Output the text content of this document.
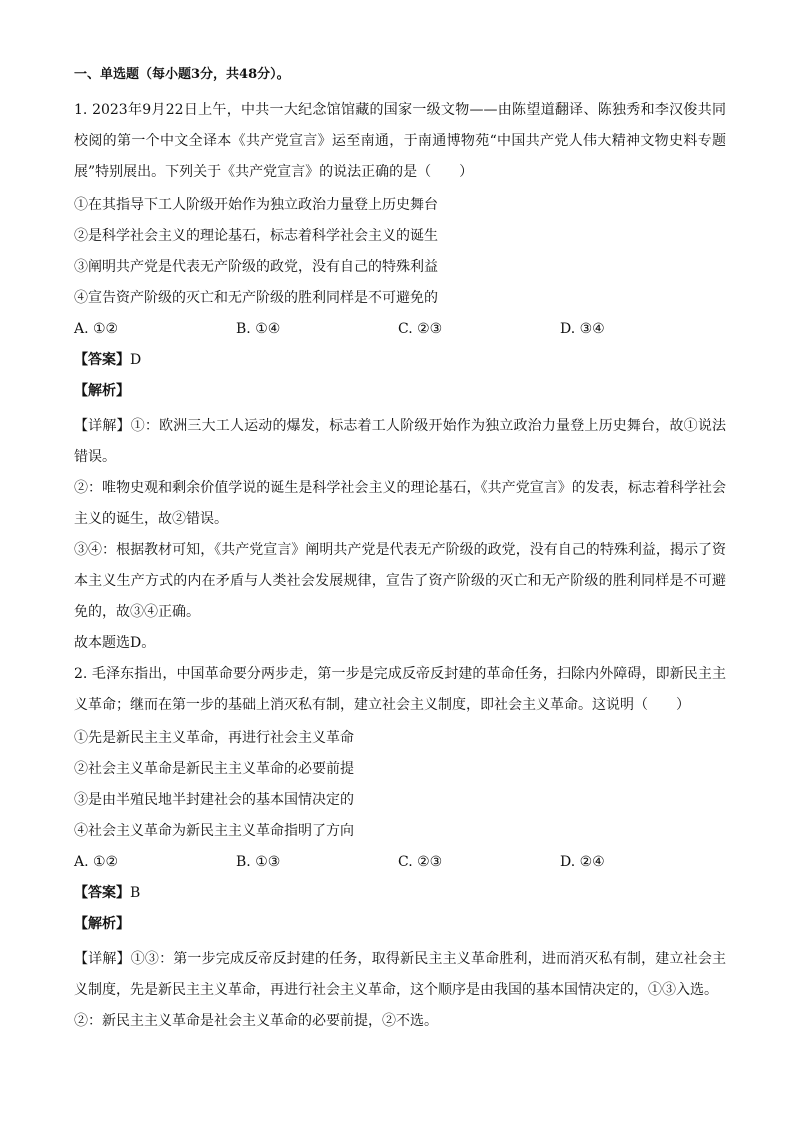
一、单选题（每小题3分，共48分）。

1. 2023年9月22日上午，中共一大纪念馆馆藏的国家一级文物——由陈望道翻译、陈独秀和李汉俊共同校阅的第一个中文全译本《共产党宣言》运至南通，于南通博物苑“中国共产党人伟大精神文物史料专题展”特别展出。下列关于《共产党宣言》的说法正确的是（　　）

①在其指导下工人阶级开始作为独立政治力量登上历史舞台

②是科学社会主义的理论基石，标志着科学社会主义的诞生

③阐明共产党是代表无产阶级的政党，没有自己的特殊利益

④宣告资产阶级的灭亡和无产阶级的胜利同样是不可避免的

A. ①②	B. ①④	C. ②③	D. ③④

【答案】D

【解析】

【详解】①：欧洲三大工人运动的爆发，标志着工人阶级开始作为独立政治力量登上历史舞台，故①说法错误。

②：唯物史观和剩余价值学说的诞生是科学社会主义的理论基石，《共产党宣言》的发表，标志着科学社会主义的诞生，故②错误。

③④：根据教材可知，《共产党宣言》阐明共产党是代表无产阶级的政党，没有自己的特殊利益，揭示了资本主义生产方式的内在矛盾与人类社会发展规律，宣告了资产阶级的灭亡和无产阶级的胜利同样是不可避免的，故③④正确。

故本题选D。

2. 毛泽东指出，中国革命要分两步走，第一步是完成反帝反封建的革命任务，扫除内外障碍，即新民主主义革命；继而在第一步的基础上消灭私有制，建立社会主义制度，即社会主义革命。这说明（　　）

①先是新民主主义革命，再进行社会主义革命

②社会主义革命是新民主主义革命的必要前提

③是由半殖民地半封建社会的基本国情决定的

④社会主义革命为新民主主义革命指明了方向

A. ①②	B. ①③	C. ②③	D. ②④

【答案】B

【解析】

【详解】①③：第一步完成反帝反封建的任务，取得新民主主义革命胜利，进而消灭私有制，建立社会主义制度，先是新民主主义革命，再进行社会主义革命，这个顺序是由我国的基本国情决定的，①③入选。

②：新民主主义革命是社会主义革命的必要前提，②不选。
